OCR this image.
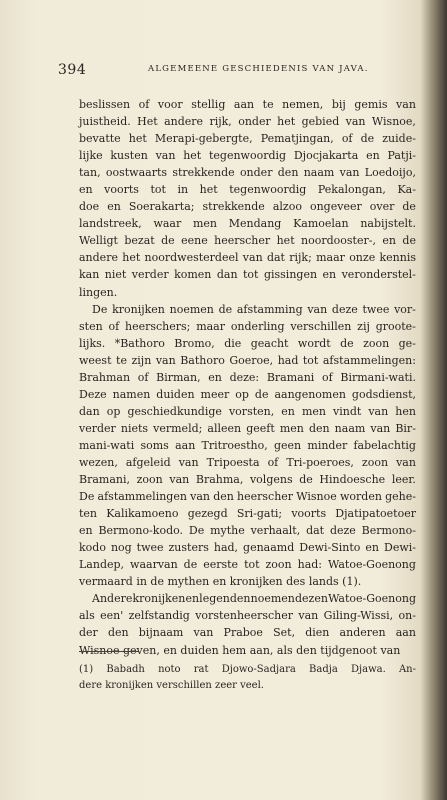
394	ALGEMEENE GESCHIEDENIS VAN JAVA.
beslissen of voor stellig aan te nemen, bij gemis van
juistheid. Het andere rijk, onder het gebied van Wisnoe,
bevatte het Merapi-gebergte, Pematjingan, of de zuide-
lijke kusten van het tegenwoordig Djocjakarta en Patji-
tan, oostwaarts strekkende onder den naam van Loedoijo,
en voorts tot in het tegenwoordig Pekalongan, Ka-
doe en Soerakarta; strekkende alzoo ongeveer over de
landstreek, waar men Mendang Kamoelan nabijstelt.
Welligt bezat de eene heerscher het noordooster-, en de
andere het noordwesterdeel van dat rijk; maar onze kennis
kan niet verder komen dan tot gissingen en veronderstel-
lingen.
De kronijken noemen de afstamming van deze twee vor-
sten of heerschers; maar onderling verschillen zij groote-
lijks. *Bathoro Bromo, die geacht wordt de zoon ge-
weest te zijn van Bathoro Goeroe, had tot afstammelingen:
Brahman of Birman, en deze: Bramani of Birmani-wati.
Deze namen duiden meer op de aangenomen godsdienst,
dan op geschiedkundige vorsten, en men vindt van hen
verder niets vermeld; alleen geeft men den naam van Bir-
mani-wati soms aan Tritroestho, geen minder fabelachtig
wezen, afgeleid van Tripoesta of Tri-poeroes, zoon van
Bramani, zoon van Brahma, volgens de Hindoesche leer.
De afstammelingen van den heerscher Wisnoe worden gehe-
ten Kalikamoeno gezegd Sri-gati; voorts Djatipatoetoer
en Bermono-kodo. De mythe verhaalt, dat deze Bermono-
kodo nog twee zusters had, genaamd Dewi-Sinto en Dewi-
Landep, waarvan de eerste tot zoon had: Watoe-Goenong
vermaard in de mythen en kronijken des lands (1).
Andere kronijken en legenden noemen dezen Watoe-Goenong
als een' zelfstandig vorstenheerscher van Giling-Wissi, on-
der den bijnaam van Praboe Set, dien anderen aan
Wisnoe geven, en duiden hem aan, als den tijdgenoot van
(1) Babadh noto rat Djowo-Sadjara Badja Djawa. An-
dere kronijken verschillen zeer veel.
